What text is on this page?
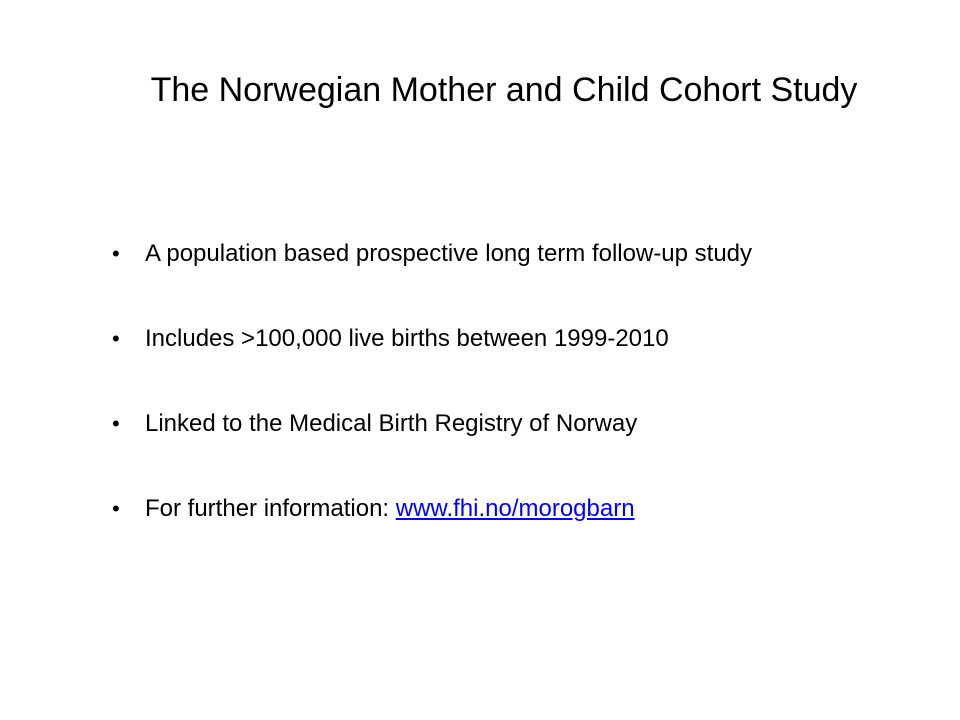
The Norwegian Mother and Child Cohort Study
•	A population based prospective long term follow-up study
•	Includes >100,000 live births between 1999-2010
•	Linked to the Medical Birth Registry of Norway
•	For further information: www.fhi.no/morogbarn
